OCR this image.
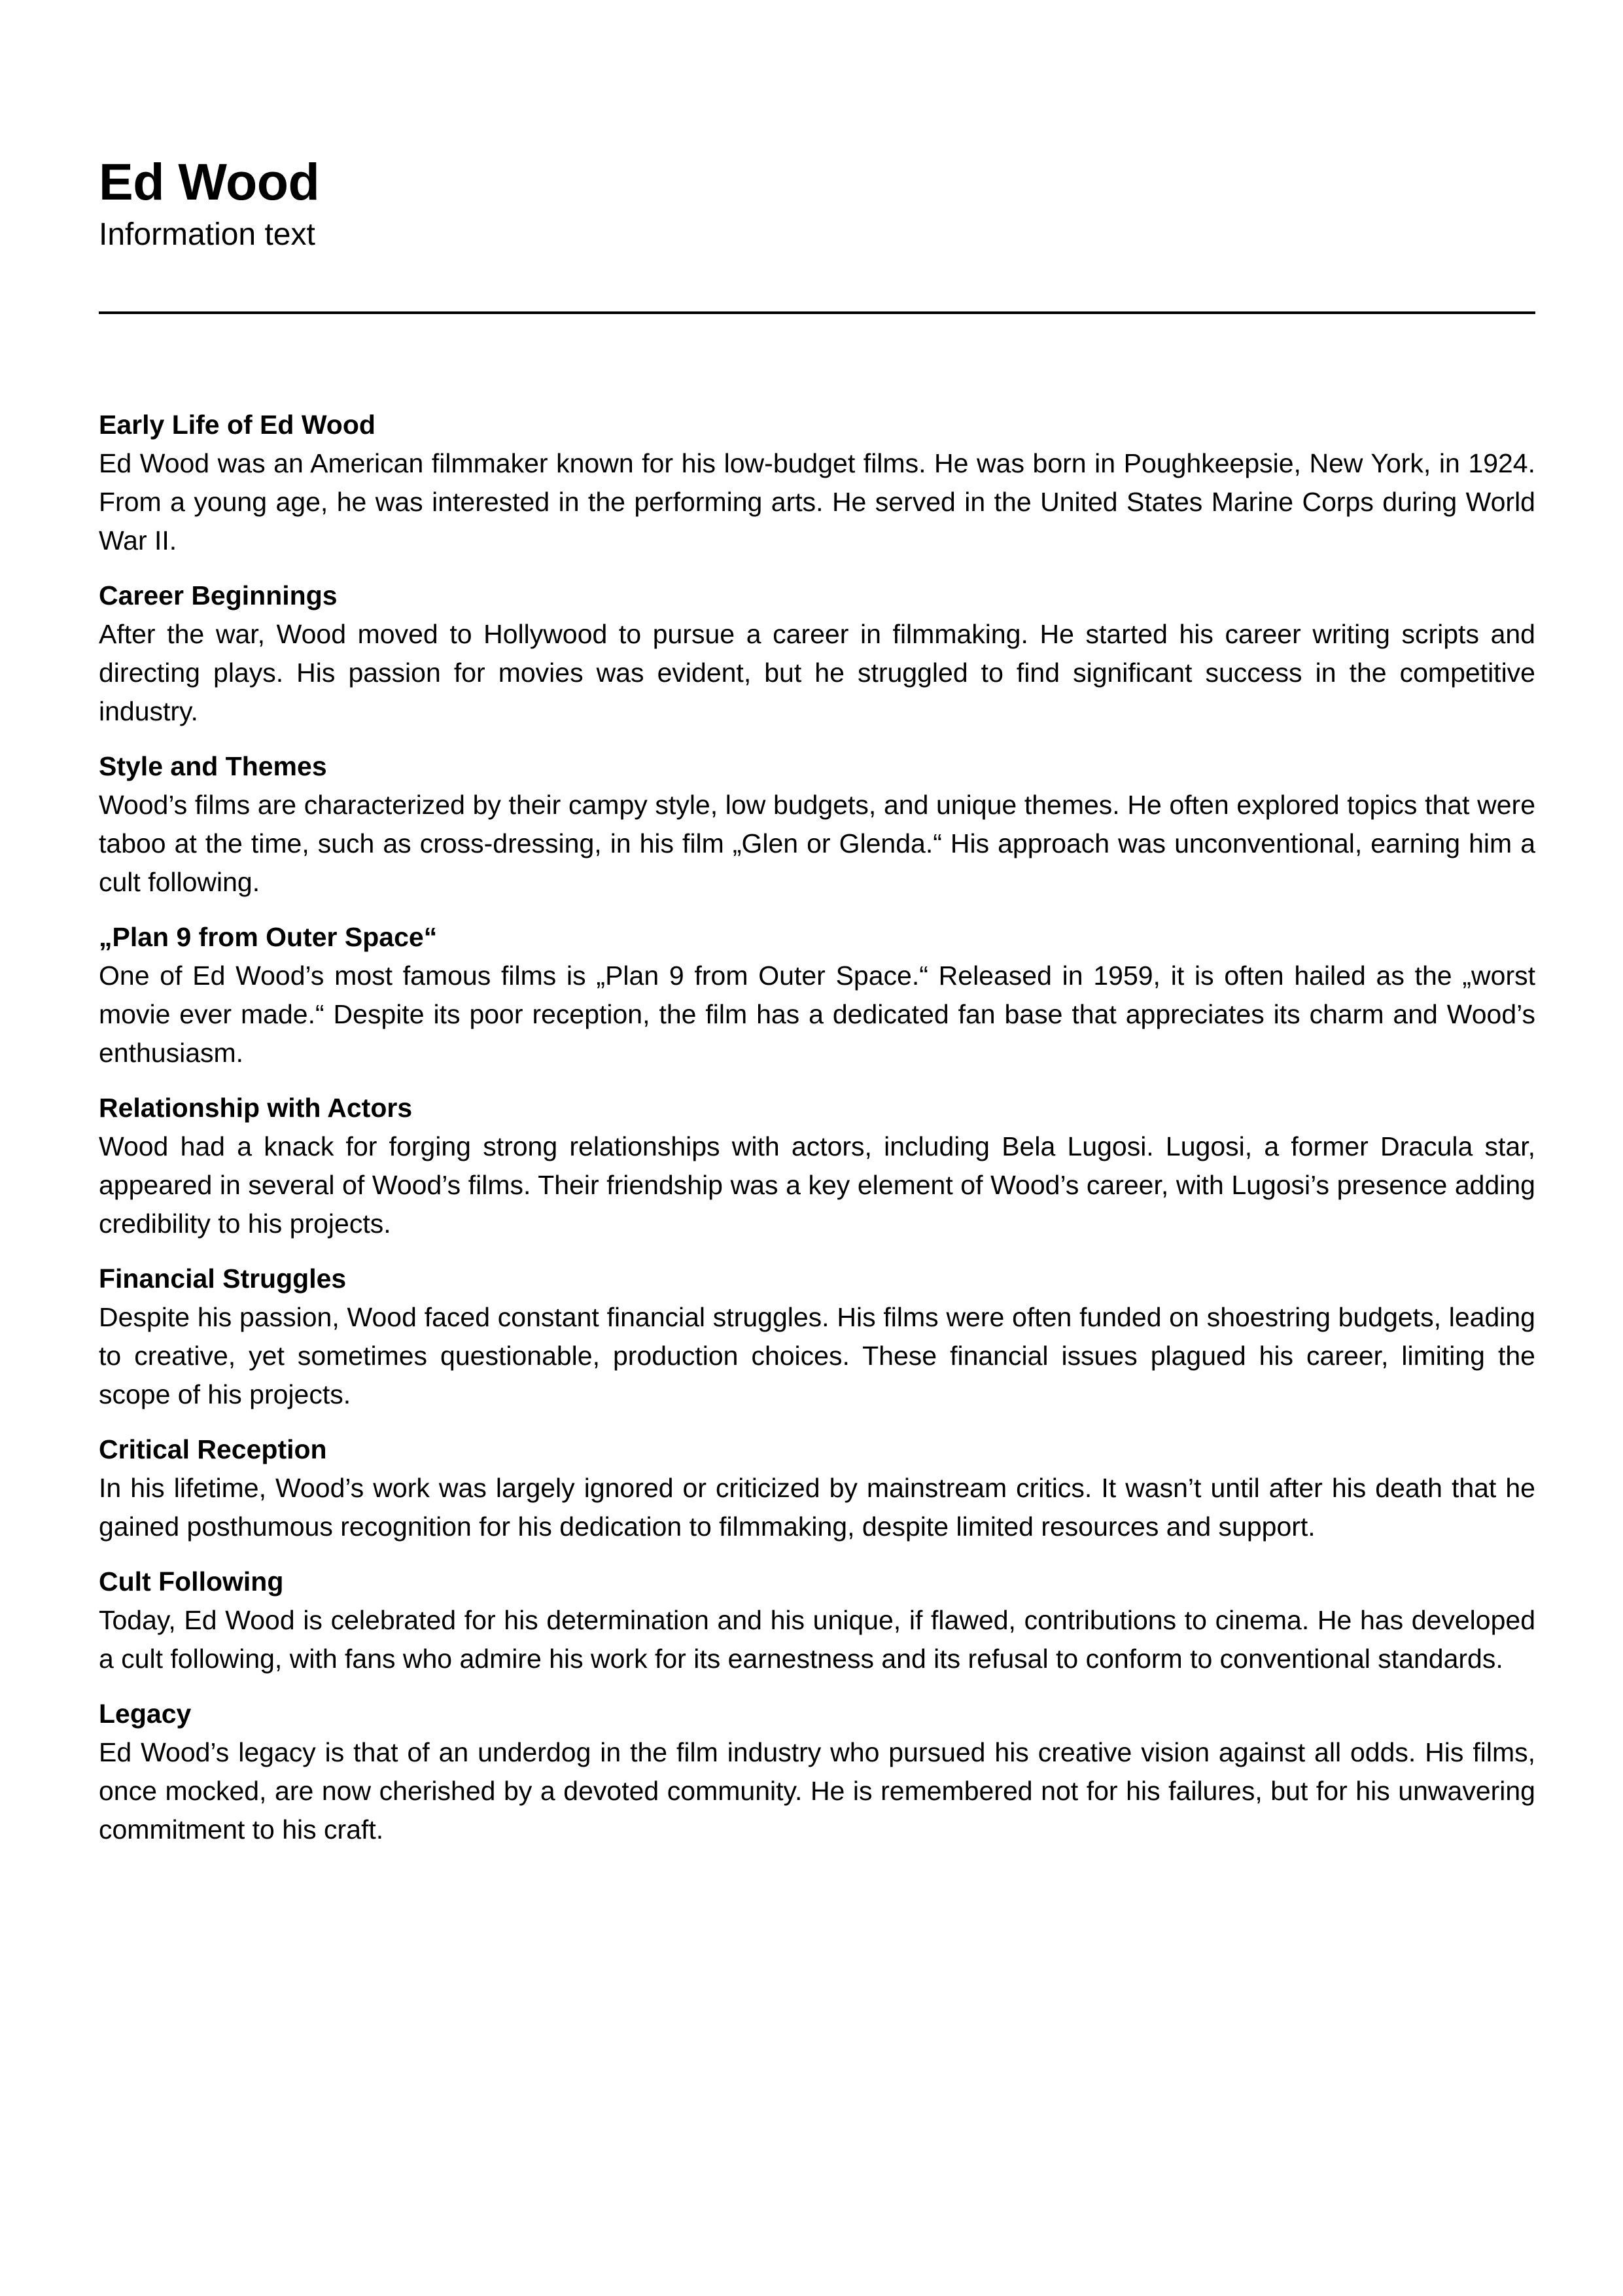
Ed Wood
Information text
Early Life of Ed Wood

Ed Wood was an American filmmaker known for his low-budget films. He was born in Poughkeepsie, New York, in 1924. From a young age, he was interested in the performing arts. He served in the United States Marine Corps during World War II.

Career Beginnings

After the war, Wood moved to Hollywood to pursue a career in filmmaking. He started his career writing scripts and directing plays. His passion for movies was evident, but he struggled to find significant success in the competitive industry.

Style and Themes

Wood’s films are characterized by their campy style, low budgets, and unique themes. He often explored topics that were taboo at the time, such as cross-dressing, in his film „Glen or Glenda.“ His approach was unconventional, earning him a cult following.

„Plan 9 from Outer Space“

One of Ed Wood’s most famous films is „Plan 9 from Outer Space.“ Released in 1959, it is often hailed as the „worst movie ever made.“ Despite its poor reception, the film has a dedicated fan base that appreciates its charm and Wood’s enthusiasm.

Relationship with Actors

Wood had a knack for forging strong relationships with actors, including Bela Lugosi. Lugosi, a former Dracula star, appeared in several of Wood’s films. Their friendship was a key element of Wood’s career, with Lugosi’s presence adding credibility to his projects.

Financial Struggles

Despite his passion, Wood faced constant financial struggles. His films were often funded on shoestring budgets, leading to creative, yet sometimes questionable, production choices. These financial issues plagued his career, limiting the scope of his projects.

Critical Reception

In his lifetime, Wood’s work was largely ignored or criticized by mainstream critics. It wasn’t until after his death that he gained posthumous recognition for his dedication to filmmaking, despite limited resources and support.

Cult Following

Today, Ed Wood is celebrated for his determination and his unique, if flawed, contributions to cinema. He has developed a cult following, with fans who admire his work for its earnestness and its refusal to conform to conventional standards.

Legacy

Ed Wood’s legacy is that of an underdog in the film industry who pursued his creative vision against all odds. His films, once mocked, are now cherished by a devoted community. He is remembered not for his failures, but for his unwavering commitment to his craft.
